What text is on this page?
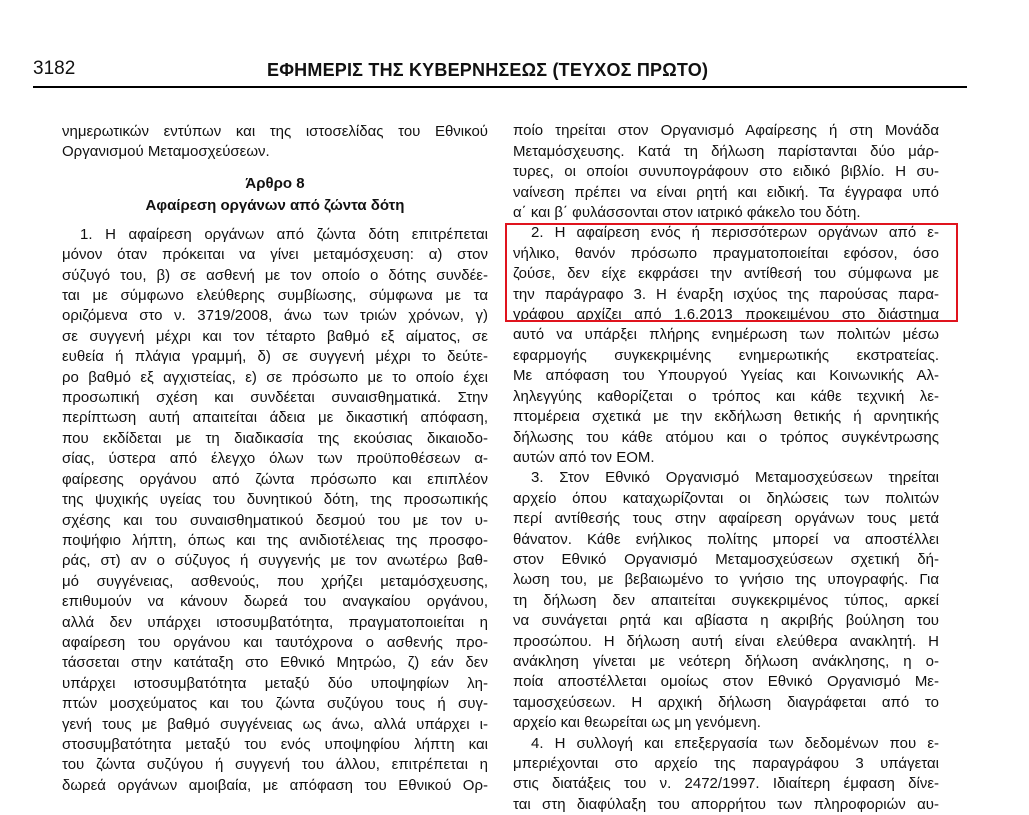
3182	ΕΦΗΜΕΡΙΣ ΤΗΣ ΚΥΒΕΡΝΗΣΕΩΣ (ΤΕΥΧΟΣ ΠΡΩΤΟ)
νημερωτικών εντύπων και της ιστοσελίδας του Εθνικού
Οργανισμού Μεταμοσχεύσεων.
Άρθρο 8
Αφαίρεση οργάνων από ζώντα δότη
1. Η αφαίρεση οργάνων από ζώντα δότη επιτρέπεται
μόνον όταν πρόκειται να γίνει μεταμόσχευση: α) στον
σύζυγό του, β) σε ασθενή με τον οποίο ο δότης συνδέε-
ται με σύμφωνο ελεύθερης συμβίωσης, σύμφωνα με τα
οριζόμενα στο ν. 3719/2008, άνω των τριών χρόνων, γ)
σε συγγενή μέχρι και τον τέταρτο βαθμό εξ αίματος, σε
ευθεία ή πλάγια γραμμή, δ) σε συγγενή μέχρι το δεύτε-
ρο βαθμό εξ αγχιστείας, ε) σε πρόσωπο με το οποίο έχει
προσωπική σχέση και συνδέεται συναισθηματικά. Στην
περίπτωση αυτή απαιτείται άδεια με δικαστική απόφαση,
που εκδίδεται με τη διαδικασία της εκούσιας δικαιοδο-
σίας, ύστερα από έλεγχο όλων των προϋποθέσεων α-
φαίρεσης οργάνου από ζώντα πρόσωπο και επιπλέον
της ψυχικής υγείας του δυνητικού δότη, της προσωπικής
σχέσης και του συναισθηματικού δεσμού του με τον υ-
ποψήφιο λήπτη, όπως και της ανιδιοτέλειας της προσφο-
ράς, στ) αν ο σύζυγος ή συγγενής με τον ανωτέρω βαθ-
μό συγγένειας, ασθενούς, που χρήζει μεταμόσχευσης,
επιθυμούν να κάνουν δωρεά του αναγκαίου οργάνου,
αλλά δεν υπάρχει ιστοσυμβατότητα, πραγματοποιείται η
αφαίρεση του οργάνου και ταυτόχρονα ο ασθενής προ-
τάσσεται στην κατάταξη στο Εθνικό Μητρώο, ζ) εάν δεν
υπάρχει ιστοσυμβατότητα μεταξύ δύο υποψηφίων λη-
πτών μοσχεύματος και του ζώντα συζύγου τους ή συγ-
γενή τους με βαθμό συγγένειας ως άνω, αλλά υπάρχει ι-
στοσυμβατότητα μεταξύ του ενός υποψηφίου λήπτη και
του ζώντα συζύγου ή συγγενή του άλλου, επιτρέπεται η
δωρεά οργάνων αμοιβαία, με απόφαση του Εθνικού Ορ-
ποίο τηρείται στον Οργανισμό Αφαίρεσης ή στη Μονάδα
Μεταμόσχευσης. Κατά τη δήλωση παρίστανται δύο μάρ-
τυρες, οι οποίοι συνυπογράφουν στο ειδικό βιβλίο. Η συ-
ναίνεση πρέπει να είναι ρητή και ειδική. Τα έγγραφα υπό
α΄ και β΄ φυλάσσονται στον ιατρικό φάκελο του δότη.
2. Η αφαίρεση ενός ή περισσότερων οργάνων από ε-
νήλικο, θανόν πρόσωπο πραγματοποιείται εφόσον, όσο
ζούσε, δεν είχε εκφράσει την αντίθεσή του σύμφωνα με
την παράγραφο 3. Η έναρξη ισχύος της παρούσας παρα-
γράφου αρχίζει από 1.6.2013 προκειμένου στο διάστημα
αυτό να υπάρξει πλήρης ενημέρωση των πολιτών μέσω
εφαρμογής συγκεκριμένης ενημερωτικής εκστρατείας.
Με απόφαση του Υπουργού Υγείας και Κοινωνικής Αλ-
ληλεγγύης καθορίζεται ο τρόπος και κάθε τεχνική λε-
πτομέρεια σχετικά με την εκδήλωση θετικής ή αρνητικής
δήλωσης του κάθε ατόμου και ο τρόπος συγκέντρωσης
αυτών από τον ΕΟΜ.
3. Στον Εθνικό Οργανισμό Μεταμοσχεύσεων τηρείται
αρχείο όπου καταχωρίζονται οι δηλώσεις των πολιτών
περί αντίθεσής τους στην αφαίρεση οργάνων τους μετά
θάνατον. Κάθε ενήλικος πολίτης μπορεί να αποστέλλει
στον Εθνικό Οργανισμό Μεταμοσχεύσεων σχετική δή-
λωση του, με βεβαιωμένο το γνήσιο της υπογραφής. Για
τη δήλωση δεν απαιτείται συγκεκριμένος τύπος, αρκεί
να συνάγεται ρητά και αβίαστα η ακριβής βούληση του
προσώπου. Η δήλωση αυτή είναι ελεύθερα ανακλητή. Η
ανάκληση γίνεται με νεότερη δήλωση ανάκλησης, η ο-
ποία αποστέλλεται ομοίως στον Εθνικό Οργανισμό Με-
ταμοσχεύσεων. Η αρχική δήλωση διαγράφεται από το
αρχείο και θεωρείται ως μη γενόμενη.
4. Η συλλογή και επεξεργασία των δεδομένων που ε-
μπεριέχονται στο αρχείο της παραγράφου 3 υπάγεται
στις διατάξεις του ν. 2472/1997. Ιδιαίτερη έμφαση δίνε-
ται στη διαφύλαξη του απορρήτου των πληροφοριών αυ-
